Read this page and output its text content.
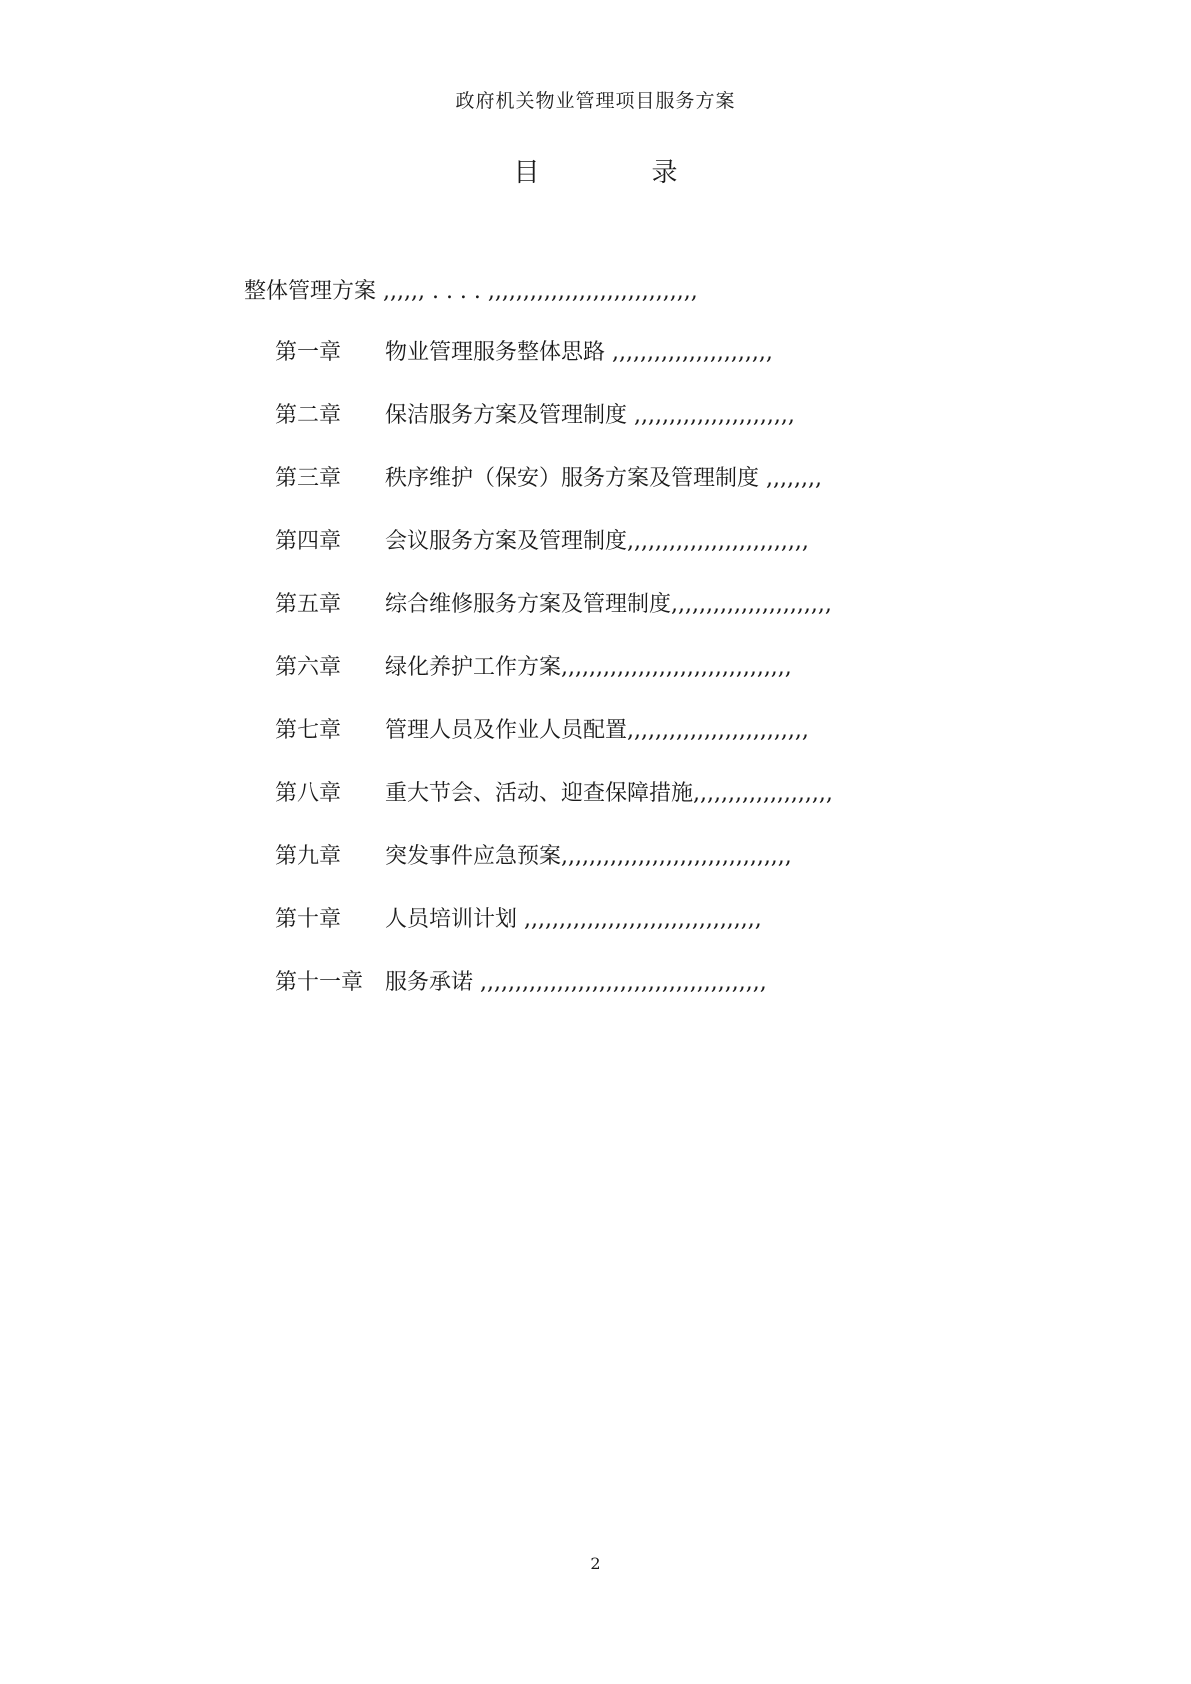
政府机关物业管理项目服务方案
目	录
整体管理方案 ,,,,,, . . . . ,,,,,,,,,,,,,,,,,,,,,,,,,,,,,,
第一章 物业管理服务整体思路 ,,,,,,,,,,,,,,,,,,,,,,,
第二章 保洁服务方案及管理制度 ,,,,,,,,,,,,,,,,,,,,,,,
第三章 秩序维护（保安）服务方案及管理制度 ,,,,,,,,
第四章 会议服务方案及管理制度,,,,,,,,,,,,,,,,,,,,,,,,,,
第五章 综合维修服务方案及管理制度,,,,,,,,,,,,,,,,,,,,,,,
第六章 绿化养护工作方案,,,,,,,,,,,,,,,,,,,,,,,,,,,,,,,,,
第七章 管理人员及作业人员配置,,,,,,,,,,,,,,,,,,,,,,,,,,
第八章 重大节会、活动、迎查保障措施,,,,,,,,,,,,,,,,,,,,
第九章 突发事件应急预案,,,,,,,,,,,,,,,,,,,,,,,,,,,,,,,,,
第十章 人员培训计划 ,,,,,,,,,,,,,,,,,,,,,,,,,,,,,,,,,,
第十一章 服务承诺 ,,,,,,,,,,,,,,,,,,,,,,,,,,,,,,,,,,,,,,,,,
2
